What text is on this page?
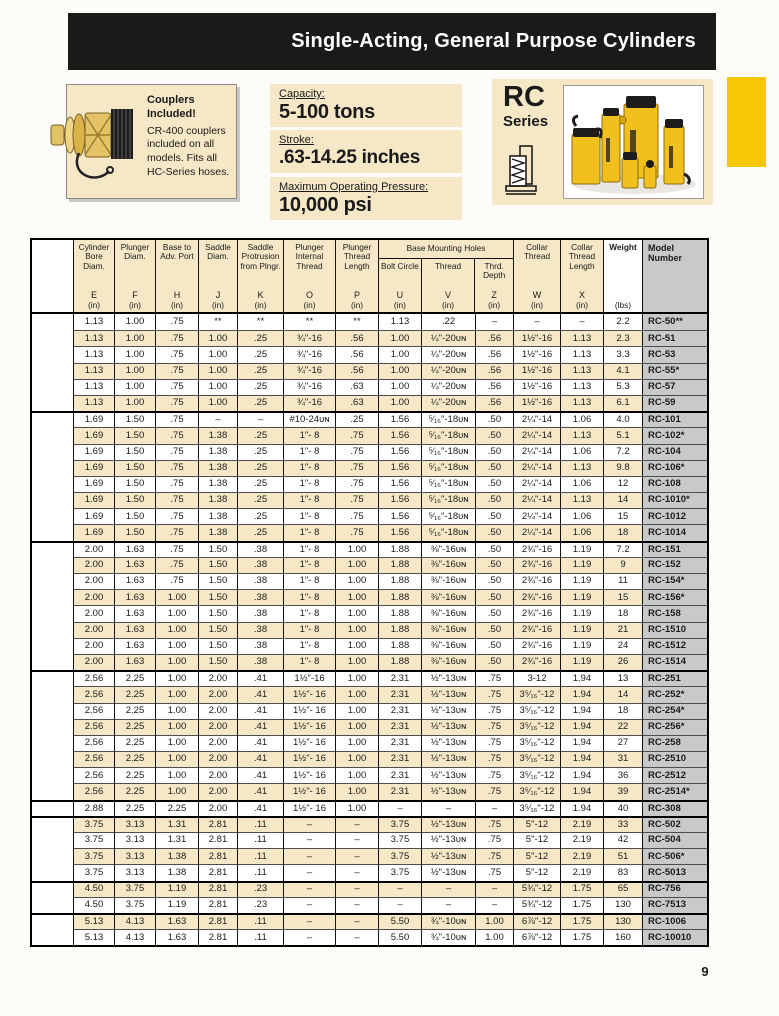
Single-Acting, General Purpose Cylinders
Couplers Included!
CR-400 couplers included on all models. Fits all HC-Series hoses.
Capacity:
5-100 tons
Stroke:
.63-14.25 inches
Maximum Operating Pressure:
10,000 psi
RC
Series
Cylinder Bore Diam.
E
(in)
Plunger Diam.
F
(in)
Base to Adv. Port
H
(in)
Saddle Diam.
J
(in)
Saddle Protrusion from Plngr.
K
(in)
Plunger Internal Thread
O
(in)
Plunger Thread Length
P
(in)
Base Mounting Holes
Bolt Circle
U
(in)
Thread
V
(in)
Thrd. Depth
Z
(in)
Collar Thread
W
(in)
Collar Thread Length
X
(in)
Weight
(lbs)
Model Number
1.13	1.00	.75	**	**	**	**	1.13	.22	–	–	–	2.2	RC-50**
1.13	1.00	.75	1.00	.25	¾"-16	.56	1.00	¼"-20ᴜɴ	.56	1½"-16	1.13	2.3	RC-51
1.13	1.00	.75	1.00	.25	¾"-16	.56	1.00	¼"-20ᴜɴ	.56	1½"-16	1.13	3.3	RC-53
1.13	1.00	.75	1.00	.25	¾"-16	.56	1.00	¼"-20ᴜɴ	.56	1½"-16	1.13	4.1	RC-55*
1.13	1.00	.75	1.00	.25	¾"-16	.63	1.00	¼"-20ᴜɴ	.56	1½"-16	1.13	5.3	RC-57
1.13	1.00	.75	1.00	.25	¾"-16	.63	1.00	¼"-20ᴜɴ	.56	1½"-16	1.13	6.1	RC-59
1.69	1.50	.75	–	–	#10-24ᴜɴ	.25	1.56	⁵⁄₁₆"-18ᴜɴ	.50	2¼"-14	1.06	4.0	RC-101
1.69	1.50	.75	1.38	.25	1"- 8	.75	1.56	⁵⁄₁₆"-18ᴜɴ	.50	2¼"-14	1.13	5.1	RC-102*
1.69	1.50	.75	1.38	.25	1"- 8	.75	1.56	⁵⁄₁₆"-18ᴜɴ	.50	2¼"-14	1.06	7.2	RC-104
1.69	1.50	.75	1.38	.25	1"- 8	.75	1.56	⁵⁄₁₆"-18ᴜɴ	.50	2¼"-14	1.13	9.8	RC-106*
1.69	1.50	.75	1.38	.25	1"- 8	.75	1.56	⁵⁄₁₆"-18ᴜɴ	.50	2¼"-14	1.06	12	RC-108
1.69	1.50	.75	1.38	.25	1"- 8	.75	1.56	⁵⁄₁₆"-18ᴜɴ	.50	2¼"-14	1.13	14	RC-1010*
1.69	1.50	.75	1.38	.25	1"- 8	.75	1.56	⁵⁄₁₆"-18ᴜɴ	.50	2¼"-14	1.06	15	RC-1012
1.69	1.50	.75	1.38	.25	1"- 8	.75	1.56	⁵⁄₁₆"-18ᴜɴ	.50	2¼"-14	1.06	18	RC-1014
2.00	1.63	.75	1.50	.38	1"- 8	1.00	1.88	⅜"-16ᴜɴ	.50	2¾"-16	1.19	7.2	RC-151
2.00	1.63	.75	1.50	.38	1"- 8	1.00	1.88	⅜"-16ᴜɴ	.50	2¾"-16	1.19	9	RC-152
2.00	1.63	.75	1.50	.38	1"- 8	1.00	1.88	⅜"-16ᴜɴ	.50	2¾"-16	1.19	11	RC-154*
2.00	1.63	1.00	1.50	.38	1"- 8	1.00	1.88	⅜"-16ᴜɴ	.50	2¾"-16	1.19	15	RC-156*
2.00	1.63	1.00	1.50	.38	1"- 8	1.00	1.88	⅜"-16ᴜɴ	.50	2¾"-16	1.19	18	RC-158
2.00	1.63	1.00	1.50	.38	1"- 8	1.00	1.88	⅜"-16ᴜɴ	.50	2¾"-16	1.19	21	RC-1510
2.00	1.63	1.00	1.50	.38	1"- 8	1.00	1.88	⅜"-16ᴜɴ	.50	2¾"-16	1.19	24	RC-1512
2.00	1.63	1.00	1.50	.38	1"- 8	1.00	1.88	⅜"-16ᴜɴ	.50	2¾"-16	1.19	26	RC-1514
2.56	2.25	1.00	2.00	.41	1½"-16	1.00	2.31	½"-13ᴜɴ	.75	3-12	1.94	13	RC-251
2.56	2.25	1.00	2.00	.41	1½"- 16	1.00	2.31	½"-13ᴜɴ	.75	3⁵⁄₁₆"-12	1.94	14	RC-252*
2.56	2.25	1.00	2.00	.41	1½"- 16	1.00	2.31	½"-13ᴜɴ	.75	3⁵⁄₁₆"-12	1.94	18	RC-254*
2.56	2.25	1.00	2.00	.41	1½"- 16	1.00	2.31	½"-13ᴜɴ	.75	3⁵⁄₁₆"-12	1.94	22	RC-256*
2.56	2.25	1.00	2.00	.41	1½"- 16	1.00	2.31	½"-13ᴜɴ	.75	3⁵⁄₁₆"-12	1.94	27	RC-258
2.56	2.25	1.00	2.00	.41	1½"- 16	1.00	2.31	½"-13ᴜɴ	.75	3⁵⁄₁₆"-12	1.94	31	RC-2510
2.56	2.25	1.00	2.00	.41	1½"- 16	1.00	2.31	½"-13ᴜɴ	.75	3⁵⁄₁₆"-12	1.94	36	RC-2512
2.56	2.25	1.00	2.00	.41	1½"- 16	1.00	2.31	½"-13ᴜɴ	.75	3⁵⁄₁₆"-12	1.94	39	RC-2514*
2.88	2.25	2.25	2.00	.41	1½"- 16	1.00	–	–	–	3⁵⁄₁₆"-12	1.94	40	RC-308
3.75	3.13	1.31	2.81	.11	–	–	3.75	½"-13ᴜɴ	.75	5"-12	2.19	33	RC-502
3.75	3.13	1.31	2.81	.11	–	–	3.75	½"-13ᴜɴ	.75	5"-12	2.19	42	RC-504
3.75	3.13	1.38	2.81	.11	–	–	3.75	½"-13ᴜɴ	.75	5"-12	2.19	51	RC-506*
3.75	3.13	1.38	2.81	.11	–	–	3.75	½"-13ᴜɴ	.75	5"-12	2.19	83	RC-5013
4.50	3.75	1.19	2.81	.23	–	–	–	–	–	5¾"-12	1.75	65	RC-756
4.50	3.75	1.19	2.81	.23	–	–	–	–	–	5¾"-12	1.75	130	RC-7513
5.13	4.13	1.63	2.81	.11	–	–	5.50	¾"-10ᴜɴ	1.00	6⅞"-12	1.75	130	RC-1006
5.13	4.13	1.63	2.81	.11	–	–	5.50	¾"-10ᴜɴ	1.00	6⅞"-12	1.75	160	RC-10010
9
